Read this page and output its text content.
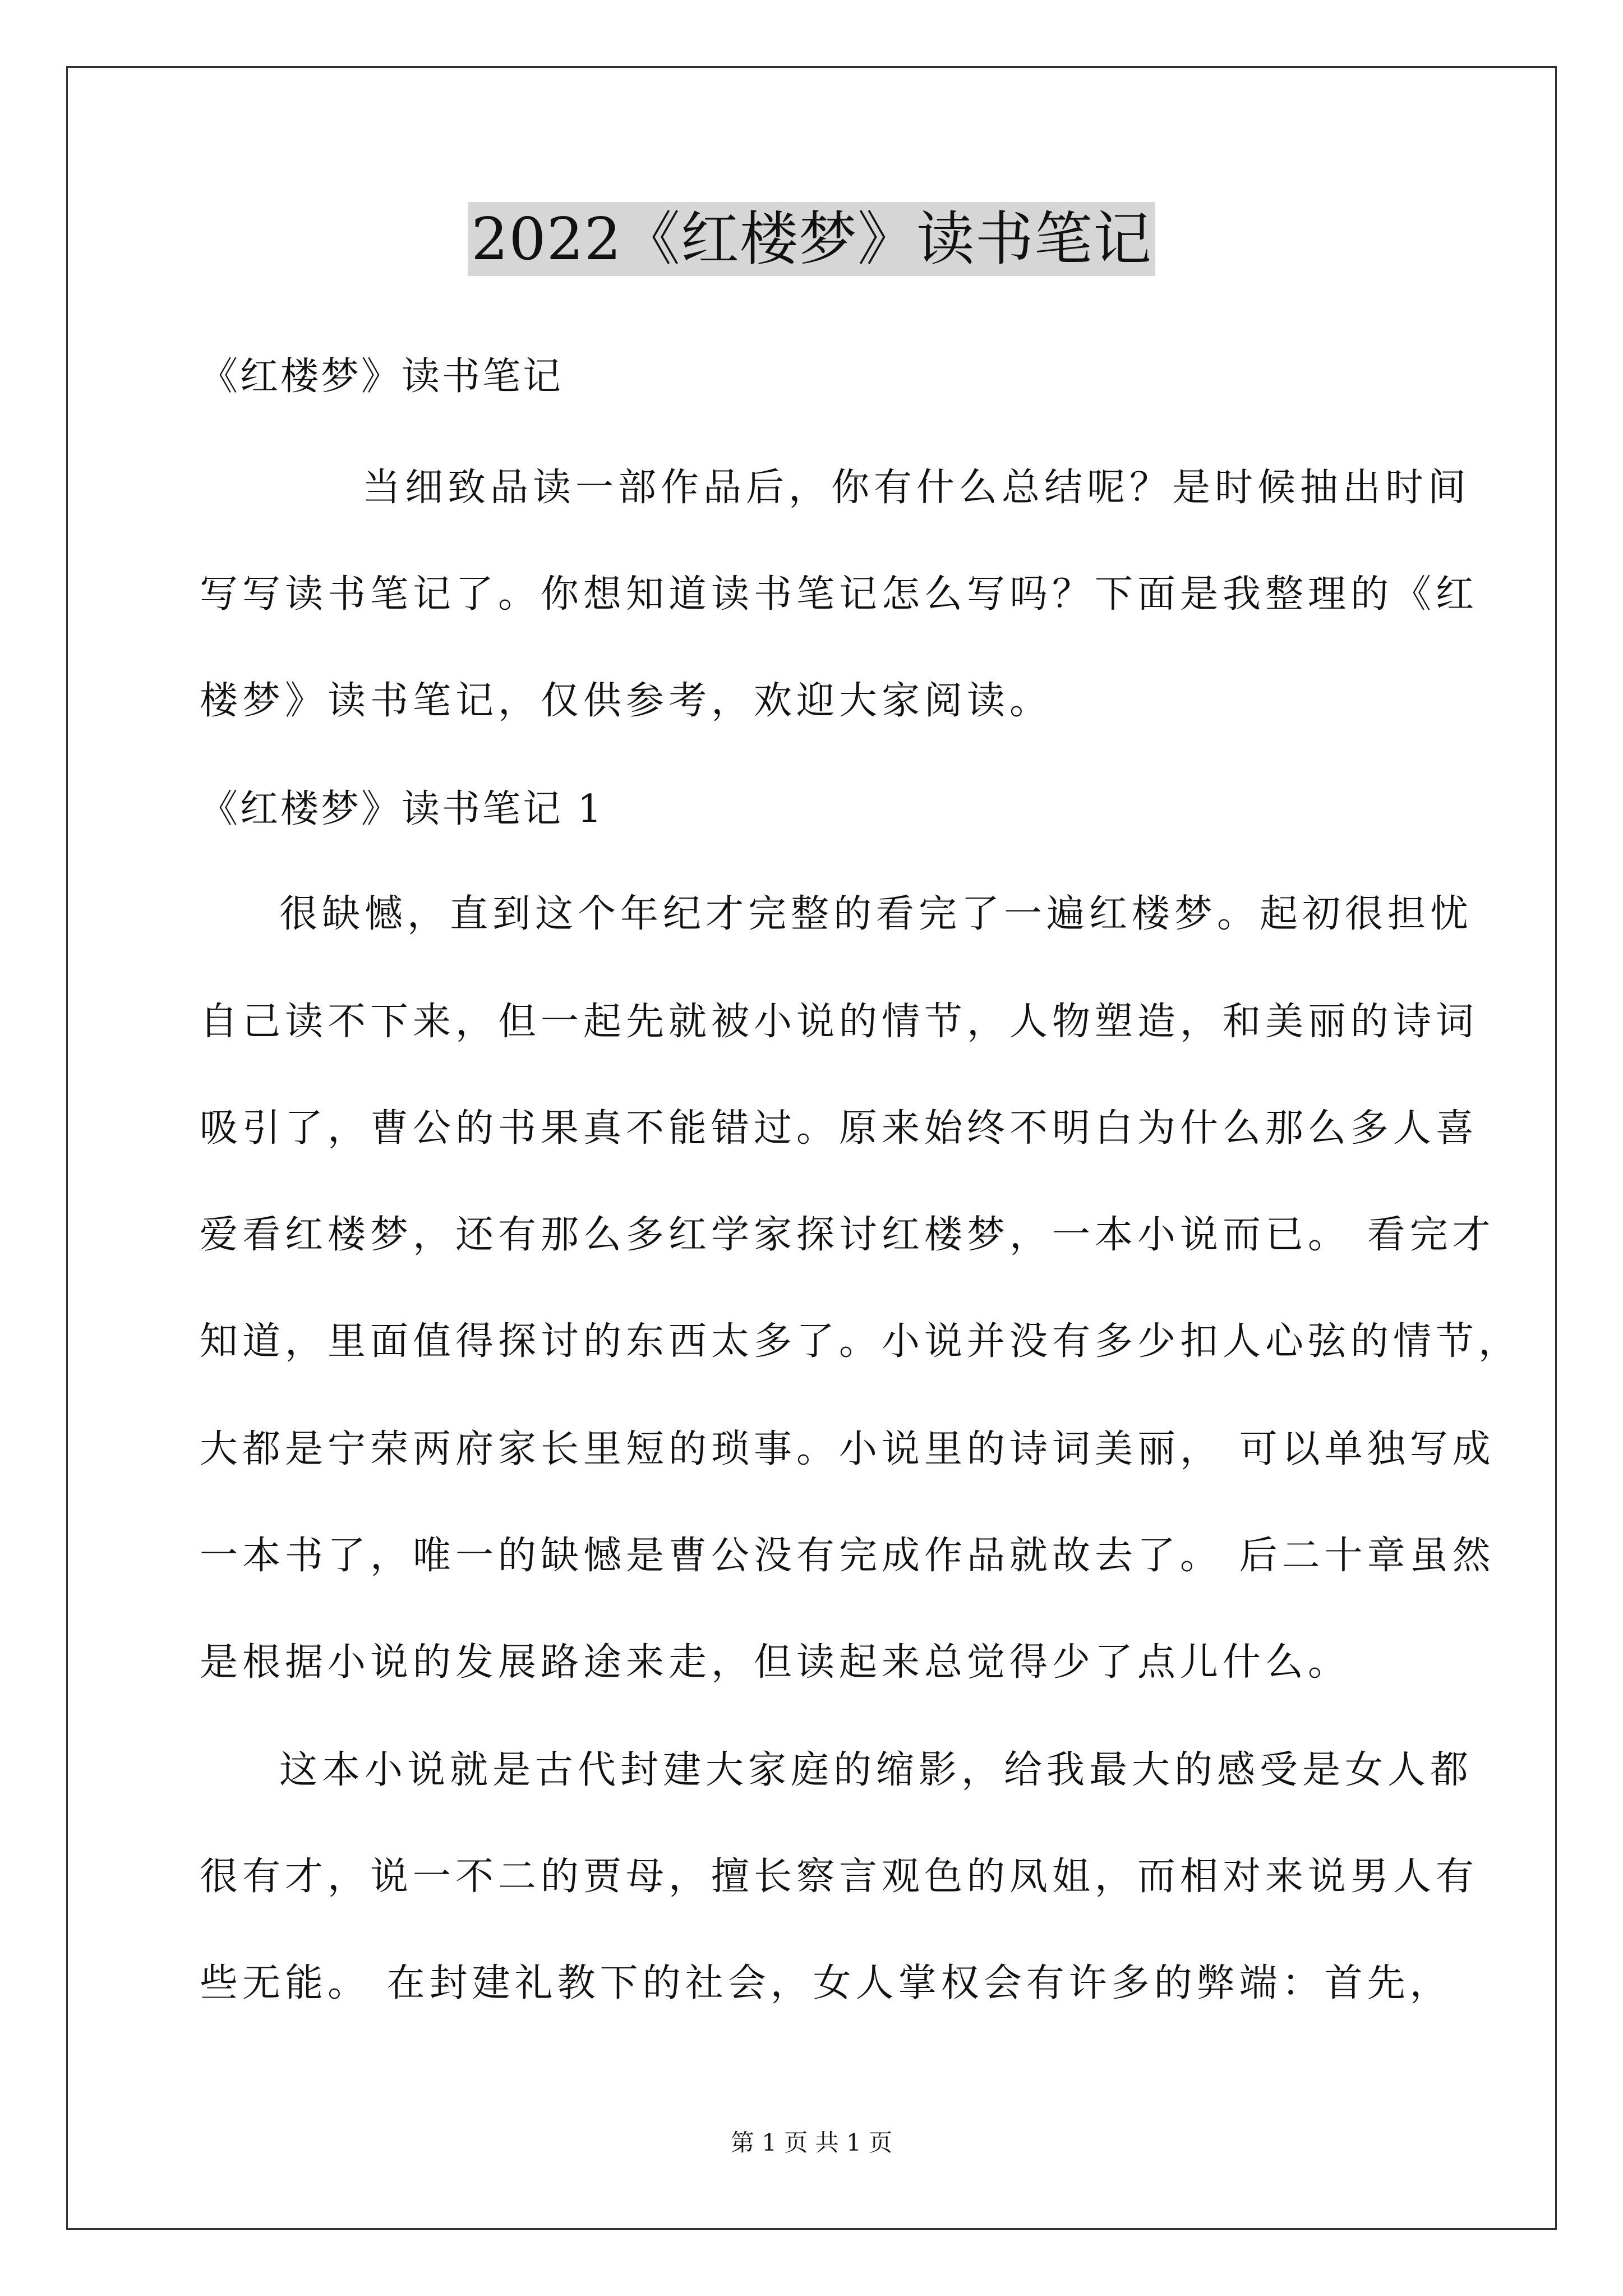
2022《红楼梦》读书笔记
《红楼梦》读书笔记
当细致品读一部作品后，你有什么总结呢？是时候抽出时间
写写读书笔记了。你想知道读书笔记怎么写吗？下面是我整理的《红
楼梦》读书笔记，仅供参考，欢迎大家阅读。
《红楼梦》读书笔记 1
很缺憾，直到这个年纪才完整的看完了一遍红楼梦。起初很担忧
自己读不下来，但一起先就被小说的情节，人物塑造，和美丽的诗词
吸引了，曹公的书果真不能错过。原来始终不明白为什么那么多人喜
爱看红楼梦，还有那么多红学家探讨红楼梦，一本小说而已。 看完才
知道，里面值得探讨的东西太多了。小说并没有多少扣人心弦的情节，
大都是宁荣两府家长里短的琐事。小说里的诗词美丽， 可以单独写成
一本书了，唯一的缺憾是曹公没有完成作品就故去了。 后二十章虽然
是根据小说的发展路途来走，但读起来总觉得少了点儿什么。
这本小说就是古代封建大家庭的缩影，给我最大的感受是女人都
很有才，说一不二的贾母，擅长察言观色的凤姐，而相对来说男人有
些无能。 在封建礼教下的社会，女人掌权会有许多的弊端：首先，
第 1 页 共 1 页
